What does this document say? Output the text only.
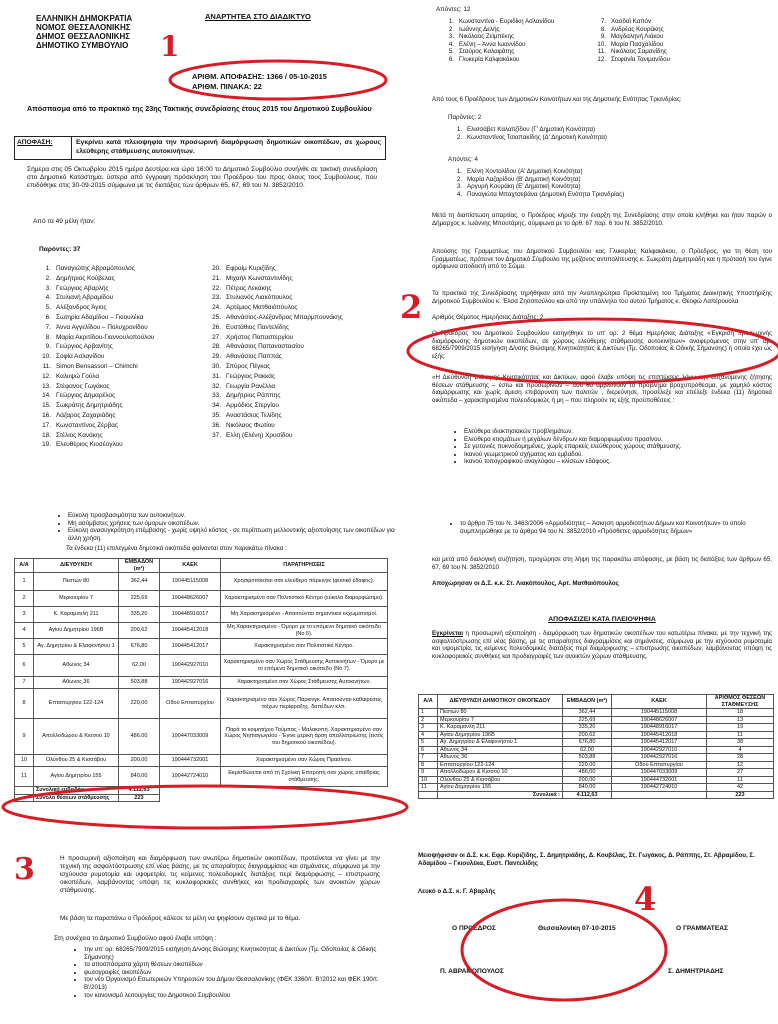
ΕΛΛΗΝΙΚΗ ΔΗΜΟΚΡΑΤΙΑ
ΝΟΜΟΣ ΘΕΣΣΑΛΟΝΙΚΗΣ
ΔΗΜΟΣ ΘΕΣΣΑΛΟΝΙΚΗΣ
ΔΗΜΟΤΙΚΟ ΣΥΜΒΟΥΛΙΟ
ΑΝΑΡΤΗΤΕΑ ΣΤΟ ΔΙΑΔΙΚΤΥΟ
1
ΑΡΙΘΜ. ΑΠΟΦΑΣΗΣ: 1366 / 05-10-2015
ΑΡΙΘΜ. ΠΙΝΑΚΑ: 22
Απόσπασμα από το πρακτικό της 23ης Τακτικής συνεδρίασης έτους 2015 του Δημοτικού Συμβουλίου
ΑΠΟΦΑΣΗ:	Εγκρίνει κατά πλειοψηφία την προσωρινή διαμόρφωση δημοτικών οικοπέδων, σε χώρους ελεύθερης στάθμευσης αυτοκινήτων.
Σήμερα στις 05 Οκτωβρίου 2015 ημέρα Δευτέρα και ώρα 16:00 το Δημοτικό Συμβούλιο συνήλθε σε τακτική συνεδρίαση στο Δημοτικό Κατάστημα, ύστερα από έγγραφη πρόσκληση του Προέδρου του προς όλους τους Συμβούλους, που επιδόθηκε στις 30-09-2015 σύμφωνα με τις διατάξεις των άρθρων 65, 67, 69 του Ν. 3852/2010.
Από τα 49 μέλη ήταν:
Παρόντες: 37
1. Παναγιώτης Αβραμόπουλος
2. Δημήτριος Κούβελας
3. Γεώργιος Αβαρλής
4. Στυλιανή Αβραμίδου
5. Αλέξανδρος Άγιος
6. Σωτηρία Αδαμίδου – Γκιουλέκα
7. Άννα Αγγελίδου – Πολυχρονίδου
8. Μαρία Ακριτίδου-Γιαννουλοπούλου
9. Γεώργιος Αρβανίτης
10. Σοφία Ασλανίδου
11. Simon Bensasson – Chimchi
12. Καλυψώ Γούλα
13. Στέφανος Γωγάκος
14. Γεώργιος Δημαρέλος
15. Σωκράτης Δημητριάδης
16. Λάζαρος Ζαχαριάδης
17. Κωνσταντίνος Ζέρβας
18. Στέλιος Κανάκης
19. Ελευθέριος Κιοσέογλου
20. Εφραίμ Κυριζίδης
21. Μιχαήλ Κωνσταντινίδης
22. Πέτρος Λεκάκης
23. Στυλιανός Λιακόπουλος
24. Αρτέμιος Ματθαιόπουλος
25. Αθανάσιος-Αλέξανδρος Μπαρμπουνάκης
26. Ευστάθιος Παντελίδης
27. Χρήστος Παπαστεργίου
28. Αθανάσιος Παπαναστασίου
29. Αθανάσιος Παππάς
30. Σπύρος Πέγκας
31. Γεώργιος Ρακκάς
32. Γεωργία Ρανέλλα
33. Δημήτριος Ράππης
34. Αρμόδιος Στεργίου
35. Αναστάσιος Τελίδης
36. Νικόλαος Φωτίου
37. Ελλη (Ελένη) Χρυσίδου
• Εύκολη προσβασιμότητα των αυτοκινήτων.
• Μη ασύμβατες χρήσεις των όμορων οικοπέδων.
• Εύκολη ανασυγκρότηση επέμβασης - χωρίς υψηλό κόστος - σε περίπτωση μελλοντικής αξιοποίησης των οικοπέδων για άλλη χρήση.
Τα ένδεκα (11) επιλεγμένα δημοτικά οικόπεδα φαίνονται στον παρακάτω πίνακα :
Α/Α	ΔΙΕΥΘΥΝΣΗ	ΕΜΒΑΔΟΝ (m²)	ΚΑΕΚ	ΠΑΡΑΤΗΡΗΣΕΙΣ
1	Πεστών 80	362,44	190445115008	Χρησιμοποιείται σαν ελεύθερο πάρκινγκ (φυσικό έδαφος).
2	Μερκουρίου 7	225,69	190448626007	Χαρακτηρισμένο σαν Πολιτιστικό Κέντρο (εύκολα διαμορφώσιμο).
3	Κ. Καραμανλή 211	335,20	190448916017	Μη Χαρακτηρισμένο - Απαιτούνται σημαντικοί εκχωματισμοί.
4	Αγίου Δημητρίου 196Β	200,62	190445412018	Μη Χαρακτηρισμένο - Όμορο με το επόμενο δημοτικό οικόπεδο (Νο 5).
5	Αγ. Δημητρίου & Ελαφονήσου 1	676,80	190445412017	Χαρακτηρισμένο σαν Πολιτιστικό Κέντρο.
6	Αθωνος 34	62,00	190442927010	Χαρακτηρισμένο σαν Χώρος Στάθμευσης Αυτοκινήτων - Όμορο με το επόμενο δημοτικό οικόπεδο (Νο 7).
7	Αθωνος 36	503,88	190442927016	Χαρακτηρισμένο σαν Χώρος Στάθμευσης Αυτοκινήτων.
8	Επταπυργίου 122-124	220,00	Οδού Επταπυργίου	Χαρακτηρισμένο σαν Χώρος Πάρκινγκ. Απαιτούνται καθαιρέσεις τοίχων περίφραξης, δαπέδων κλπ.
9	Απολλοδώρου & Κισσού 10	486,00	190447033009	Παρά το κοιμητήριο Τούμπας - Μαλακοπή. Χαρακτηρισμένο σαν Χώρος Νηπιαγωγείου - Έγινε μερική άρση απαλλοτρίωσης (εκτός του δημοτικού οικοπέδου).
10	Ολύνθου 25 & Κισσάβου	200,00	190444732001	Χαρακτηρισμένο σαν Χώρος Πρασίνου.
11	Αγίου Δημητρίου 155	840,00	190442724010	Εκμισθώνεται από τη Σχολική Επιτροπή σαν χώρος υπαίθριας στάθμευσης.
	Συνολικό εμβαδόν	4.112,63		
	Σύνολο θέσεων στάθμευσης	223		
3	Η προσωρινή αξιοποίηση και διαμόρφωση των ανωτέρω δημοτικών οικοπέδων, προτείνεται να γίνει με την τεχνική της ασφαλτόστρωσης επί νέας βάσης, με τις απαραίτητες διαγραμμίσεις και σημάνσεις, σύμφωνα με την ισχύουσα ρυμοτομία και υψομετρία, τις κείμενες πολεοδομικές διατάξεις περί διαμόρφωσης – επιστρωσης οικοπέδων, λαμβάνοντας υπόψη τις κυκλοφοριακές συνθήκες και προδιαγραφές των ανοικτών χώρων στάθμευσης.
Με βάση τα παραπάνω ο Πρόεδρος κάλεσε τα μέλη να ψηφίσουν σχετικά με το θέμα.
Στη συνέχεια το Δημοτικό Συμβούλιο αφού έλαβε υπόψη :
• την υπ' αρ. 68265/7909/2015 εισήγηση Δ/νσης Βιώσιμης Κινητικότητας & Δικτύων (Τμ. Οδοποιίας & Οδικής Σήμανσης)
• τα αποσπάσματα χάρτη θέσεων οικοπέδων
• φωτογραφίες οικοπέδων
• τον νέο Οργανισμό Εσωτερικών Υπηρεσιών του Δήμου Θεσσαλονίκης (ΦΕΚ 3360/τ. Β'/2012 και ΦΕΚ 190/τ. Β'/2013)
• τον κανονισμό λειτουργίας του Δημοτικού Συμβουλίου
Απόντες: 12
1. Κωνσταντίνα - Ευριδίκη Ασλανίδου
2. Ιωάννης Δελής
3. Νικόλαος Ζεϊμπέκης
4. Ελένη – Άννα Ιωαννίδου
5. Σταύρος Καλαφάτης
6. Γλυκερία Καλφακάκου
7. Χασδαϊ Καπόν
8. Ανδρέας Κουράκης
9. Μαγδαληνή Λιάκου
10. Μαρία Πασχαλίδου
11. Νικόλαος Σαμανίδης
12. Στεφανία Τανιμανίδου
Από τους 6 Προέδρους των Δημοτικών Κοινοτήτων και της Δημοτικής Ενότητας Τριανδρίας:
Παρόντες: 2
1. Ελισσάβετ Καλαϊτζίδου (Γ' Δημοτική Κοινότητα)
2. Κωνσταντίνος Τσιαπακίδης (Δ' Δημοτική Κοινότητα)
Απόντες: 4
1. Ελένη Χοντολίδου (Α' Δημοτική Κοινότητα)
2. Μαρία Λαζαρίδου (Β' Δημοτική Κοινότητα)
3. Αργυρή Κουράκη (Ε' Δημοτική Κοινότητα)
4. Παναγιώτα Μπαχτσεβάνα (Δημοτική Ενότητα Τριανδρίας)
Μετά τη διαπίστωση απαρτίας, ο Πρόεδρος κήρυξε την έναρξη της Συνεδρίασης στην οποία κλήθηκε και ήταν παρών ο Δήμαρχος κ. Ιωάννης Μπουτάρης, σύμφωνα με το άρθ. 67 παρ. 6 του Ν. 3852/2010.
Απούσης της Γραμματέως του Δημοτικού Συμβουλίου κας Γλυκερίας Καλφακάκου, ο Πρόεδρος, για τη θέση του Γραμματέως, πρότεινε τον Δημοτικό Σύμβουλο της μείζονος αντιπολίτευσης κ. Σωκράτη Δημητριάδη και η πρότασή του έγινε ομόφωνα αποδεκτή από το Σώμα.
Τα πρακτικά της Συνεδρίασης τηρήθηκαν από την Αναπληρώτρια Προϊσταμένη του Τμήματος Διοικητικής Υποστήριξης Δημοτικού Συμβουλίου κ. Έλσα Ζησοπούλου και από την υπάλληλο του αυτού Τμήματος κ. Θεοφώ Λαπέρουολα
Αριθμός Θέματος Ημερήσιας Διάταξης: 2
2
Ο Πρόεδρος του Δημοτικού Συμβουλίου εισηγήθηκε το υπ' αρ. 2 θέμα Ημερήσιας Διάταξης «Έγκριση προσωρινής διαμόρφωσης δημοτικών οικοπέδων, σε χώρους ελεύθερης στάθμευσης αυτοκινήτων» αναφερόμενος στην υπ' αρ. 68265/7909/2015 εισήγηση Δ/νσης Βιώσιμης Κινητικότητας & Δικτύων (Τμ. Οδοποιίας & Οδικής Σήμανσης) η οποία έχει ως εξής:
«Η Διεύθυνση Βιώσιμης Κινητικότητας και Δικτύων, αφού έλαβε υπόψη τις επιπτώσεις λόγω της αυξανόμενης ζήτησης θέσεων στάθμευσης – έστω και προσωρινών – που θα αμβλύνουν το πρόβλημα βραχυπρόθεσμα, με χαμηλό κόστος διαμόρφωσης και χωρίς άμεση επιβάρυνση των πολιτών , διερεύνησε, προσέλεξε και επέλεξε ένδεκα (11) δημοτικά οικόπεδα – χαρακτηρισμένα πολεοδομικώς ή μη – που πληρούν τις εξής προϋποθέσεις :
• Ελεύθερα ιδιοκτησιακών προβλημάτων.
• Ελεύθερα κτισμάτων ή μεγάλων δένδρων και διαμορφωμένου πρασίνου.
• Σε γειτονιές πυκνοδομημένες, χωρίς επαρκείς ελεύθερους χώρους στάθμευσης.
• Ικανού γεωμετρικού σχήματος και εμβαδού.
• Ικανού τοπογραφικού αναγλύφου – κλίσεων εδάφους.
• το άρθρο 75 του Ν. 3463/2006 «Αρμοδιότητες – Άσκηση αρμοδιοτήτων Δήμων και Κοινοτήτων» το οποίο συμπληρώθηκε με το άρθρο 94 του Ν. 3852/2010 «Πρόσθετες αρμοδιότητες δήμων»
και μετά από διαλογική συζήτηση, προχώρησε στη λήψη της παρακάτω απόφασης, με βάση τις διατάξεις των άρθρων 65, 67, 69 του Ν. 3852/2010
Αποχώρησαν οι Δ.Σ. κ.κ. Στ. Λιακόπουλος, Αρτ. Ματθαιόπουλος
ΑΠΟΦΑΣΙΖΕΙ ΚΑΤΑ ΠΛΕΙΟΨΗΦΙΑ
Εγκρίνεται η προσωρινή αξιοποίηση - διαμόρφωση των δημοτικών οικοπέδων του κατωτέρω πίνακα, με την τεχνική της ασφαλτόστρωσης επί νέας βάσης, με τις απαραίτητες διαγραμμίσεις και σημάνσεις, σύμφωνα με την ισχύουσα ρυμοτομία και υψομετρία, τις κείμενες πολεοδομικές διατάξεις περί διαμόρφωσης – επιστρωσης οικοπέδων, λαμβάνοντας υπόψη τις κυκλοφοριακές συνθήκες και προδιαγραφές των ανοικτών χώρων στάθμευσης.
Α/Α	ΔΙΕΥΘΥΝΣΗ ΔΗΜΟΤΙΚΟΥ ΟΙΚΟΠΕΔΟΥ	ΕΜΒΑΔΟΝ (m²)	ΚΑΕΚ	ΑΡΙΘΜΟΣ ΘΕΣΕΩΝ ΣΤΑΘΜΕΥΣΗΣ
1	Πεστών 80	362,44	190445115008	18
2	Μερκουρίου 7	225,69	190448626007	13
3	Κ. Καραμανλή 211	335,20	190448916017	19
4	Αγίου Δημητρίου 196Β	200,62	190445412018	11
5	Αγ. Δημητρίου & Ελαφονήσου 1	676,80	190445412017	38
6	Αθωνος 34	62,00	190442927010	4
7	Αθωνος 36	503,88	190442927016	28
8	Επταπυργίου 122-124	220,00	Οδού Επταπυργίου	12
9	Απολλοδώρου & Κισσού 10	486,00	190447033009	27
10	Ολύνθου 25 & Κισσάβου	200,00	190444732001	11
11	Αγίου Δημητρίου 155	840,00	190442724010	42
	Συνολικά :	4.112,63		223
Μειοψήφισαν οι Δ.Σ. κ.κ. Εφρ. Κυριζίδης, Σ. Δημητριάδης, Δ. Κουβέλας, Στ. Γωγάκος, Δ. Ράππης, Στ. Αβραμίδου, Σ. Αδαμίδου – Γκιουλέκα, Ευστ. Παντελίδης
Λευκό ο Δ.Σ. κ. Γ. Αβαρλής	4
Ο ΠΡΟΕΔΡΟΣ	Θεσσαλονίκη 07-10-2015	Ο ΓΡΑΜΜΑΤΕΑΣ
Π. ΑΒΡΑΜΟΠΟΥΛΟΣ	Σ. ΔΗΜΗΤΡΙΑΔΗΣ
